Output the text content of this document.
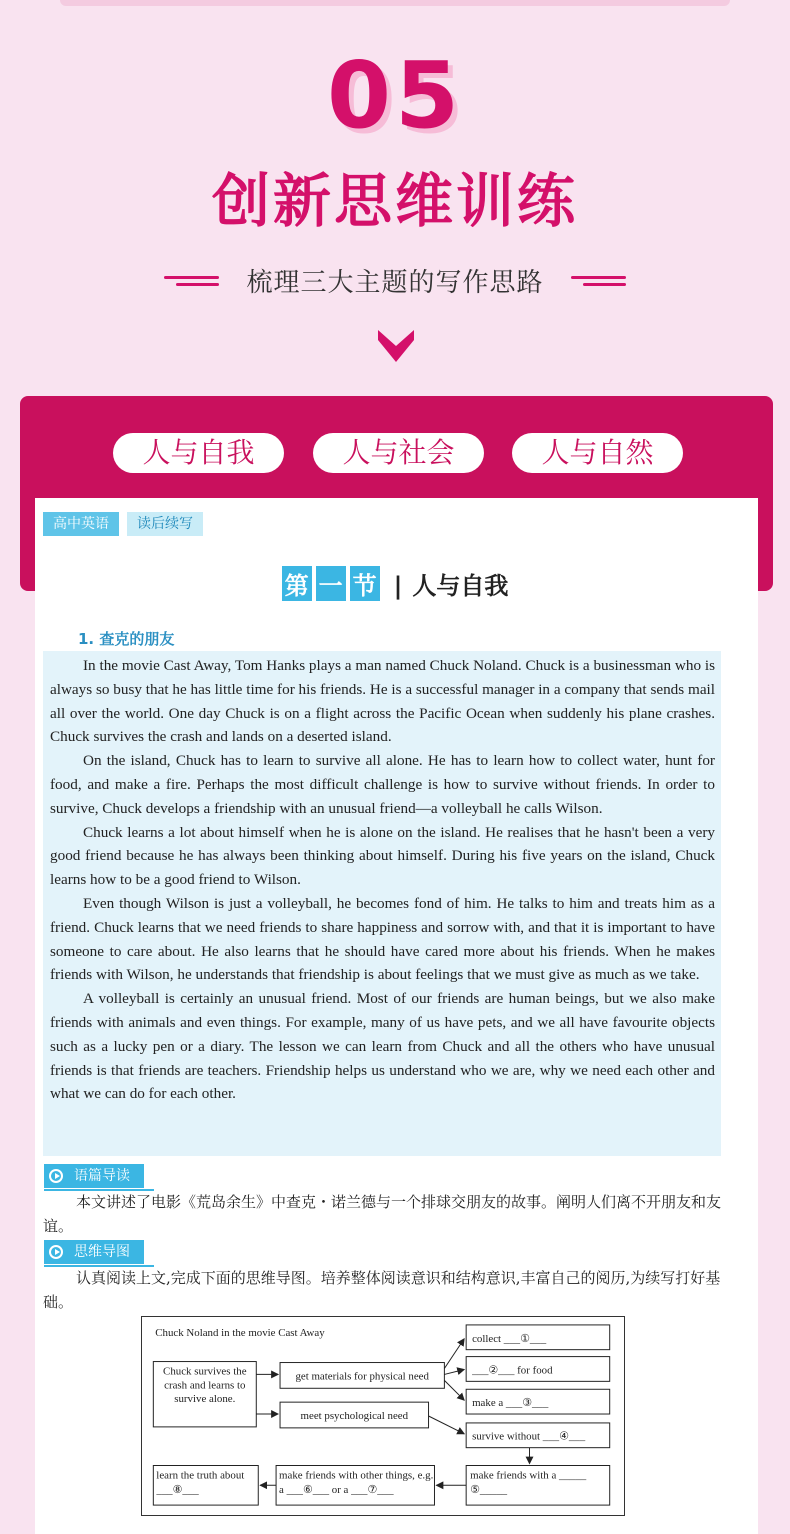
05
创新思维训练
梳理三大主题的写作思路
人与自我	人与社会	人与自然
高中英语 读后续写
第 一 节 | 人与自我
1. 查克的朋友

In the movie Cast Away, Tom Hanks plays a man named Chuck Noland. Chuck is a businessman who is always so busy that he has little time for his friends. He is a successful manager in a company that sends mail all over the world. One day Chuck is on a flight across the Pacific Ocean when suddenly his plane crashes. Chuck survives the crash and lands on a deserted island.

On the island, Chuck has to learn to survive all alone. He has to learn how to collect water, hunt for food, and make a fire. Perhaps the most difficult challenge is how to survive without friends. In order to survive, Chuck develops a friendship with an unusual friend—a volleyball he calls Wilson.

Chuck learns a lot about himself when he is alone on the island. He realises that he hasn't been a very good friend because he has always been thinking about himself. During his five years on the island, Chuck learns how to be a good friend to Wilson.

Even though Wilson is just a volleyball, he becomes fond of him. He talks to him and treats him as a friend. Chuck learns that we need friends to share happiness and sorrow with, and that it is important to have someone to care about. He also learns that he should have cared more about his friends. When he makes friends with Wilson, he understands that friendship is about feelings that we must give as much as we take.

A volleyball is certainly an unusual friend. Most of our friends are human beings, but we also make friends with animals and even things. For example, many of us have pets, and we all have favourite objects such as a lucky pen or a diary. The lesson we can learn from Chuck and all the others who have unusual friends is that friends are teachers. Friendship helps us understand who we are, why we need each other and what we can do for each other.

语篇导读
本文讲述了电影《荒岛余生》中查克・诺兰德与一个排球交朋友的故事。阐明人们离不开朋友和友谊。
思维导图
认真阅读上文,完成下面的思维导图。培养整体阅读意识和结构意识,丰富自己的阅历,为续写打好基础。
Chuck Noland in the movie Cast Away
Chuck survives the crash and learns to survive alone.
get materials for physical need
meet psychological need
collect ___①___
___②___ for food
make a ___③___
survive without ___④___
make friends with a _____ ⑤_____
make friends with other things, e.g. a ___⑥___ or a ___⑦___
learn the truth about ___⑧___
